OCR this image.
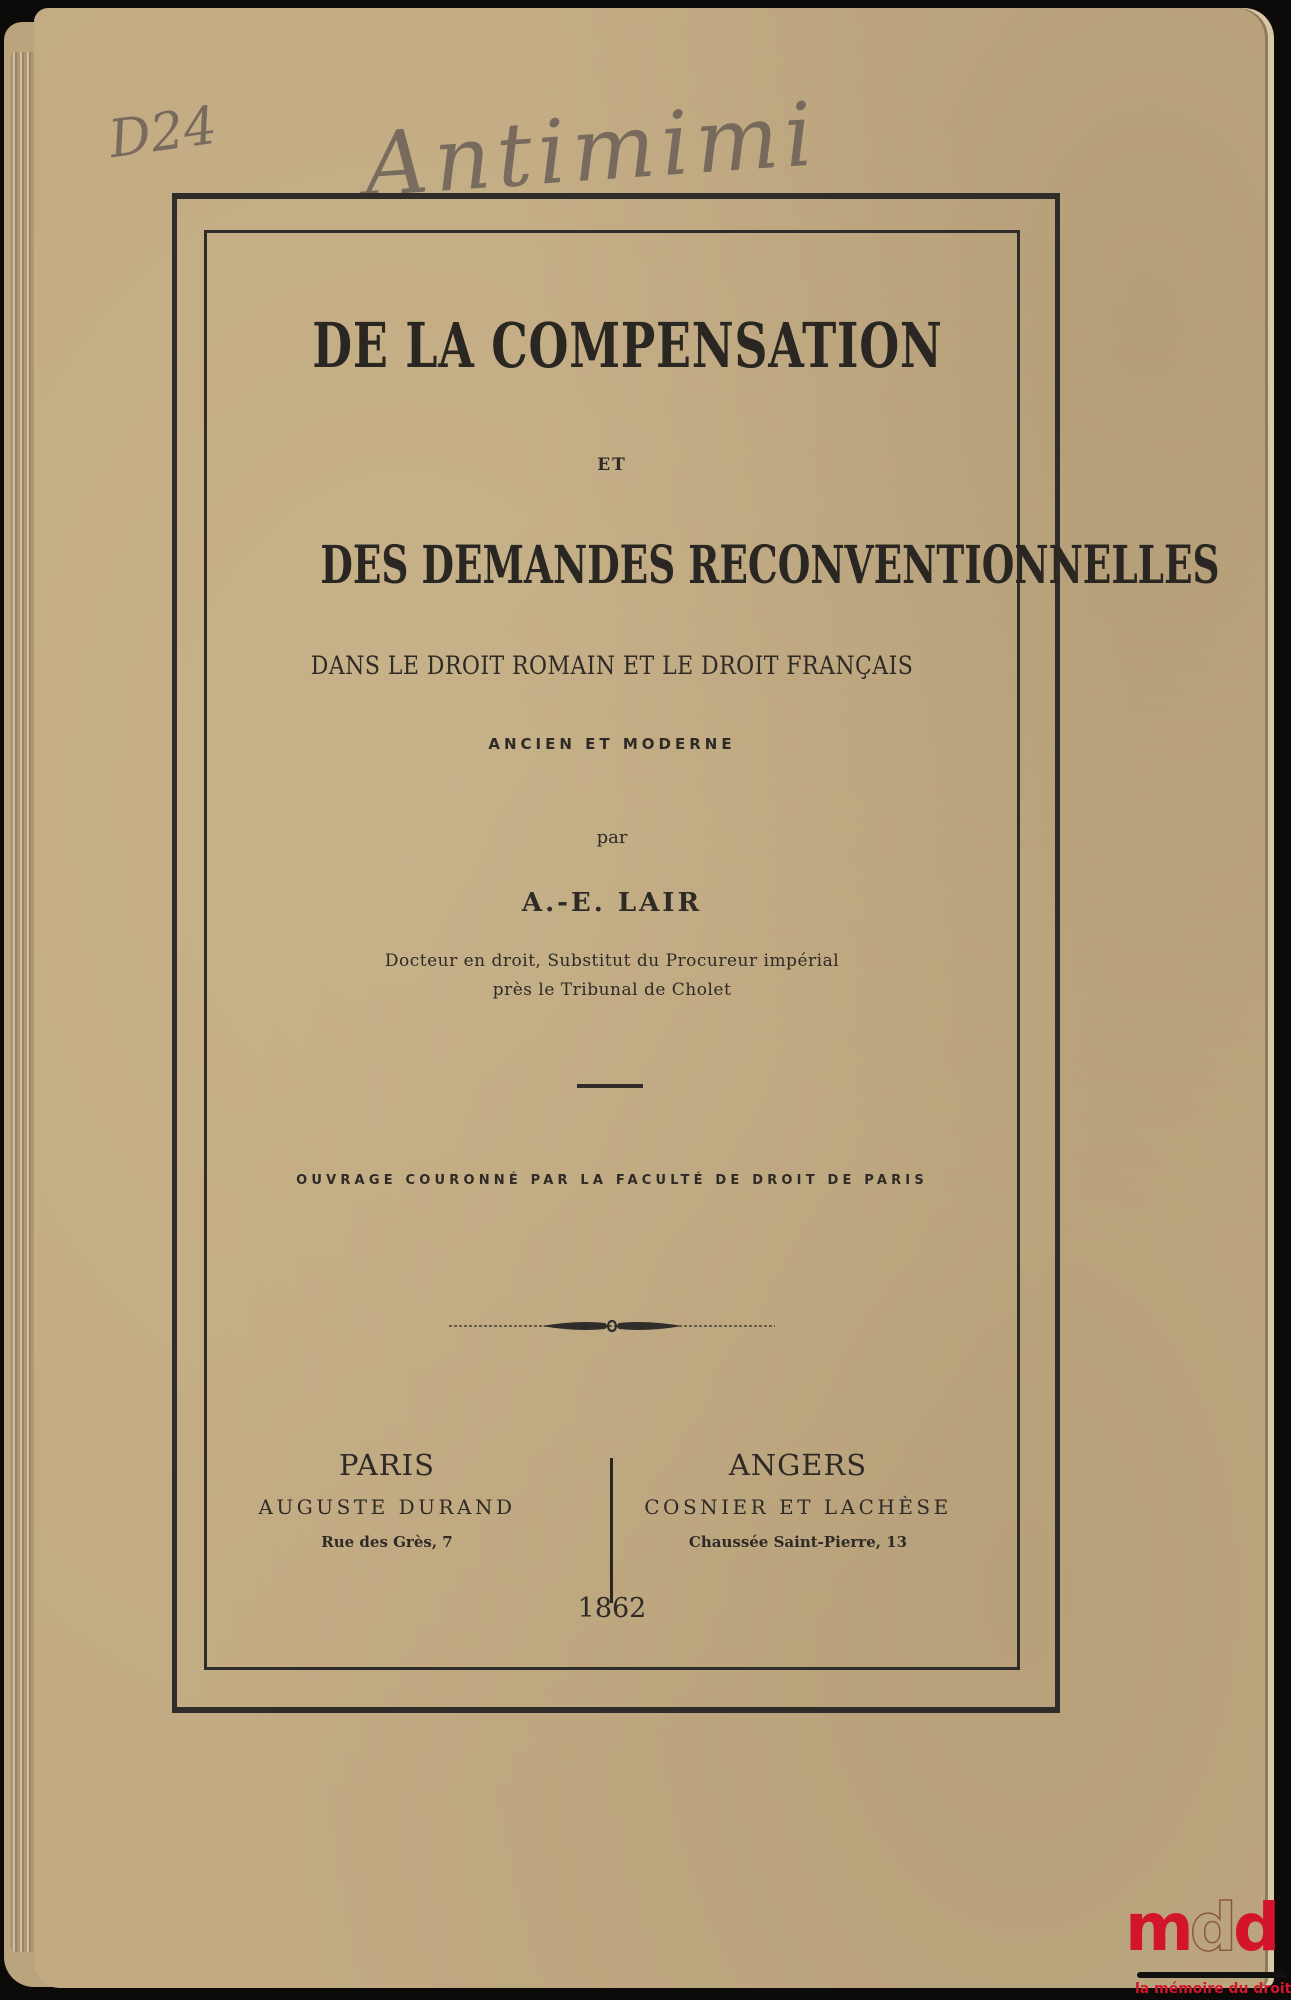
D24 Antimimi
DE LA COMPENSATION
ET
DES DEMANDES RECONVENTIONNELLES
DANS LE DROIT ROMAIN ET LE DROIT FRANÇAIS
ANCIEN ET MODERNE
par
A.-E. LAIR
Docteur en droit, Substitut du Procureur impérial
près le Tribunal de Cholet
OUVRAGE COURONNÉ PAR LA FACULTÉ DE DROIT DE PARIS
PARIS
AUGUSTE DURAND
Rue des Grès, 7
ANGERS
COSNIER ET LACHÈSE
Chaussée Saint-Pierre, 13
1862
mdd
la mémoire du droit
